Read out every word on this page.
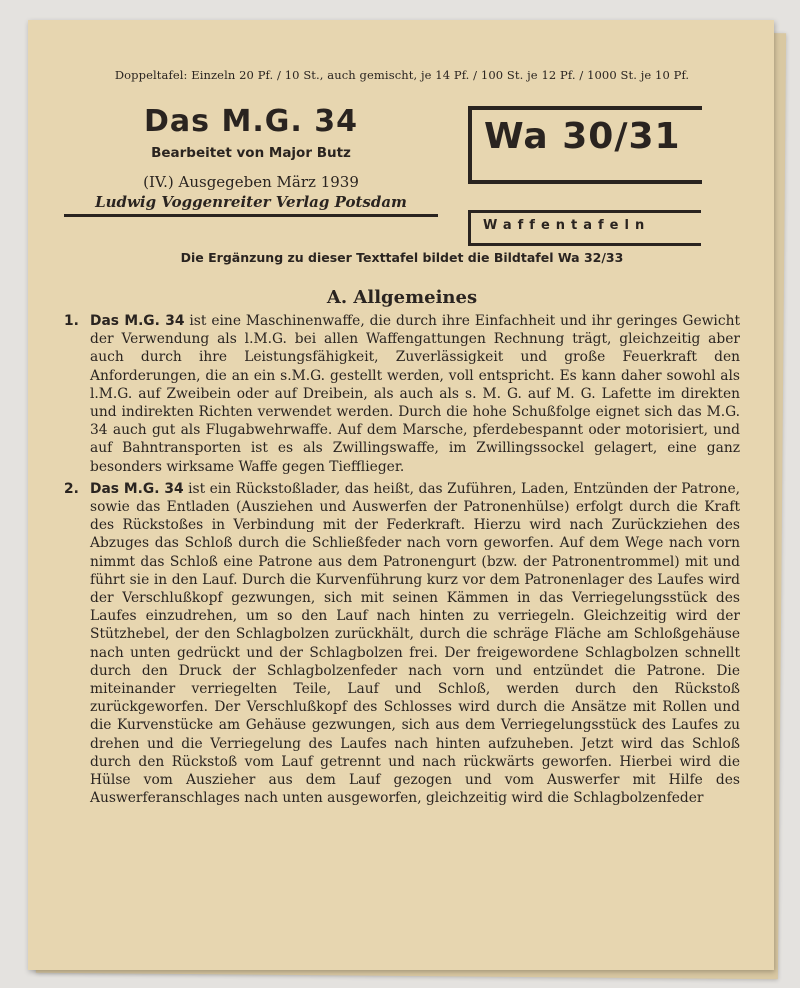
Doppeltafel: Einzeln 20 Pf. / 10 St., auch gemischt, je 14 Pf. / 100 St. je 12 Pf. / 1000 St. je 10 Pf.
Das M.G. 34
Bearbeitet von Major Butz
(IV.) Ausgegeben März 1939
Ludwig Voggenreiter Verlag Potsdam
Wa 30/31
Waffentafeln
Die Ergänzung zu dieser Texttafel bildet die Bildtafel Wa 32/33
A. Allgemeines
1. Das M.G. 34 ist eine Maschinenwaffe, die durch ihre Einfachheit und ihr geringes Gewicht der Verwendung als l.M.G. bei allen Waffengattungen Rechnung trägt, gleichzeitig aber auch durch ihre Leistungsfähigkeit, Zuverlässigkeit und große Feuerkraft den Anforderungen, die an ein s.M.G. gestellt werden, voll entspricht. Es kann daher sowohl als l.M.G. auf Zweibein oder auf Dreibein, als auch als s. M. G. auf M. G. Lafette im direkten und indirekten Richten verwendet werden. Durch die hohe Schußfolge eignet sich das M.G. 34 auch gut als Flugabwehrwaffe. Auf dem Marsche, pferdebespannt oder motorisiert, und auf Bahntransporten ist es als Zwillingswaffe, im Zwillingssockel gelagert, eine ganz besonders wirksame Waffe gegen Tiefflieger.
2. Das M.G. 34 ist ein Rückstoßlader, das heißt, das Zuführen, Laden, Entzünden der Patrone, sowie das Entladen (Ausziehen und Auswerfen der Patronenhülse) erfolgt durch die Kraft des Rückstoßes in Verbindung mit der Federkraft. Hierzu wird nach Zurückziehen des Abzuges das Schloß durch die Schließfeder nach vorn geworfen. Auf dem Wege nach vorn nimmt das Schloß eine Patrone aus dem Patronengurt (bzw. der Patronentrommel) mit und führt sie in den Lauf. Durch die Kurvenführung kurz vor dem Patronenlager des Laufes wird der Verschlußkopf gezwungen, sich mit seinen Kämmen in das Verriegelungsstück des Laufes einzudrehen, um so den Lauf nach hinten zu verriegeln. Gleichzeitig wird der Stützhebel, der den Schlagbolzen zurückhält, durch die schräge Fläche am Schloßgehäuse nach unten gedrückt und der Schlagbolzen frei. Der freigewordene Schlagbolzen schnellt durch den Druck der Schlagbolzenfeder nach vorn und entzündet die Patrone. Die miteinander verriegelten Teile, Lauf und Schloß, werden durch den Rückstoß zurückgeworfen. Der Verschlußkopf des Schlosses wird durch die Ansätze mit Rollen und die Kurvenstücke am Gehäuse gezwungen, sich aus dem Verriegelungsstück des Laufes zu drehen und die Verriegelung des Laufes nach hinten aufzuheben. Jetzt wird das Schloß durch den Rückstoß vom Lauf getrennt und nach rückwärts geworfen. Hierbei wird die Hülse vom Auszieher aus dem Lauf gezogen und vom Auswerfer mit Hilfe des Auswerferanschlages nach unten ausgeworfen, gleichzeitig wird die Schlagbolzenfeder
